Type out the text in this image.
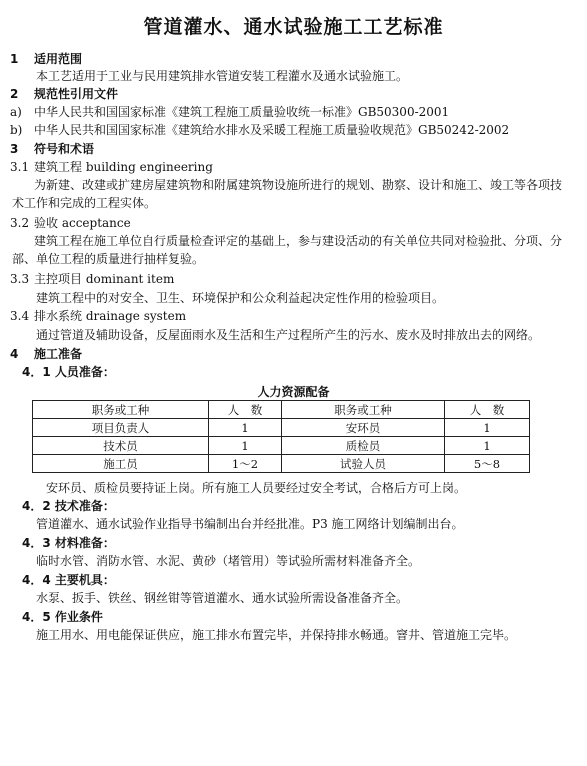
管道灌水、通水试验施工工艺标准
1 适用范围
本工艺适用于工业与民用建筑排水管道安装工程灌水及通水试验施工。
2 规范性引用文件
a) 中华人民共和国国家标准《建筑工程施工质量验收统一标准》GB50300-2001
b) 中华人民共和国国家标准《建筑给水排水及采暖工程施工质量验收规范》GB50242-2002
3 符号和术语
3.1 建筑工程 building engineering
为新建、改建或扩建房屋建筑物和附属建筑物设施所进行的规划、勘察、设计和施工、竣工等各项技术工作和完成的工程实体。
3.2 验收 acceptance
建筑工程在施工单位自行质量检查评定的基础上，参与建设活动的有关单位共同对检验批、分项、分部、单位工程的质量进行抽样复验。
3.3 主控项目 dominant item
建筑工程中的对安全、卫生、环境保护和公众利益起决定性作用的检验项目。
3.4 排水系统 drainage system
通过管道及辅助设备，反屋面雨水及生活和生产过程所产生的污水、废水及时排放出去的网络。
4 施工准备
4．1 人员准备：
人力资源配备
职务或工种	人　数	职务或工种	人　数
项目负责人	1	安环员	1
技术员	1	质检员	1
施工员	1～2	试验人员	5～8
安环员、质检员要持证上岗。所有施工人员要经过安全考试，合格后方可上岗。
4．2 技术准备：
管道灌水、通水试验作业指导书编制出台并经批准。P3 施工网络计划编制出台。
4．3 材料准备：
临时水管、消防水管、水泥、黄砂（堵管用）等试验所需材料准备齐全。
4．4 主要机具：
水泵、扳手、铁丝、钢丝钳等管道灌水、通水试验所需设备准备齐全。
4．5 作业条件
施工用水、用电能保证供应，施工排水布置完毕，并保持排水畅通。窨井、管道施工完毕。
